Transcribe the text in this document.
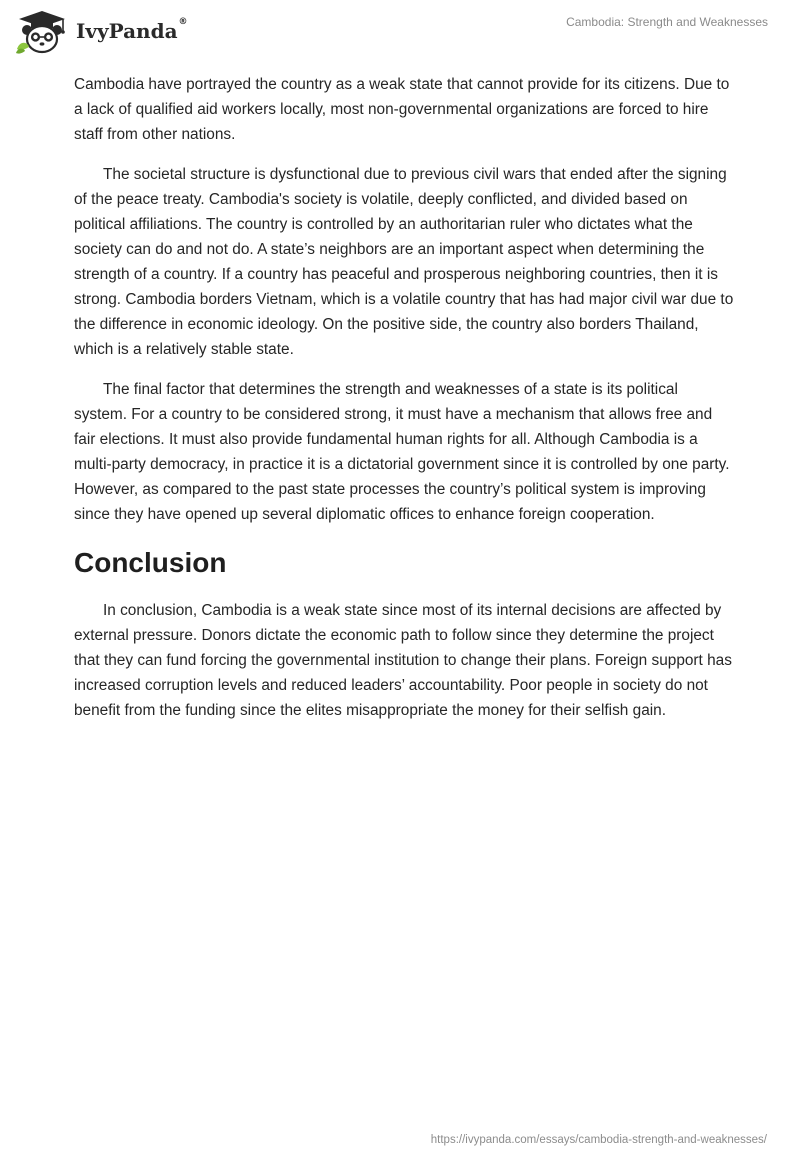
IvyPanda ®	Cambodia: Strength and Weaknesses

Cambodia have portrayed the country as a weak state that cannot provide for its citizens. Due to a lack of qualified aid workers locally, most non-governmental organizations are forced to hire staff from other nations.

The societal structure is dysfunctional due to previous civil wars that ended after the signing of the peace treaty. Cambodia's society is volatile, deeply conflicted, and divided based on political affiliations. The country is controlled by an authoritarian ruler who dictates what the society can do and not do. A state’s neighbors are an important aspect when determining the strength of a country. If a country has peaceful and prosperous neighboring countries, then it is strong. Cambodia borders Vietnam, which is a volatile country that has had major civil war due to the difference in economic ideology. On the positive side, the country also borders Thailand, which is a relatively stable state.

The final factor that determines the strength and weaknesses of a state is its political system. For a country to be considered strong, it must have a mechanism that allows free and fair elections. It must also provide fundamental human rights for all. Although Cambodia is a multi-party democracy, in practice it is a dictatorial government since it is controlled by one party. However, as compared to the past state processes the country’s political system is improving since they have opened up several diplomatic offices to enhance foreign cooperation.

Conclusion

In conclusion, Cambodia is a weak state since most of its internal decisions are affected by external pressure. Donors dictate the economic path to follow since they determine the project that they can fund forcing the governmental institution to change their plans. Foreign support has increased corruption levels and reduced leaders’ accountability. Poor people in society do not benefit from the funding since the elites misappropriate the money for their selfish gain.

https://ivypanda.com/essays/cambodia-strength-and-weaknesses/
